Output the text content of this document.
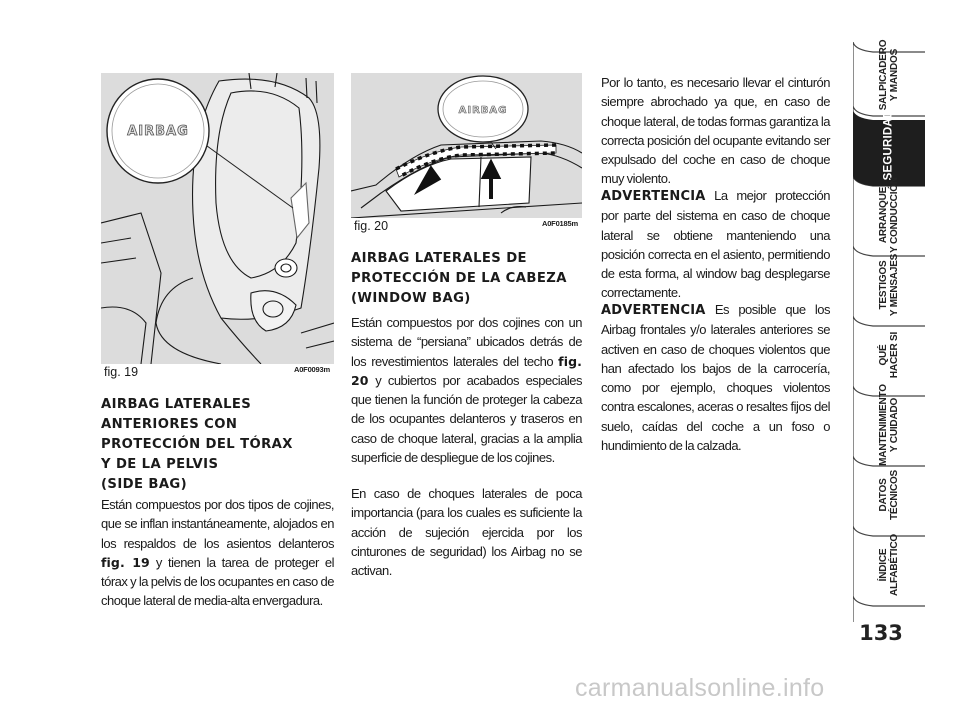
AIRBAG
fig. 19	A0F0093m
AIRBAG
fig. 20	A0F0185m
AIRBAG LATERALES
ANTERIORES CON
PROTECCIÓN DEL TÓRAX
Y DE LA PELVIS
(SIDE BAG)

Están compuestos por dos tipos de cojines, que se inflan instantáneamente, alojados en los respaldos de los asientos delanteros fig. 19 y tienen la tarea de proteger el tórax y la pelvis de los ocupantes en caso de choque lateral de media-alta envergadura.

AIRBAG LATERALES DE
PROTECCIÓN DE LA CABEZA
(WINDOW BAG)

Están compuestos por dos cojines con un sistema de “persiana” ubicados detrás de los revestimientos laterales del techo fig. 20 y cubiertos por acabados especiales que tienen la función de proteger la cabeza de los ocupantes delanteros y traseros en caso de choque lateral, gracias a la amplia superficie de despliegue de los cojines.

En caso de choques laterales de poca importancia (para los cuales es suficiente la acción de sujeción ejercida por los cinturones de seguridad) los Airbag no se activan.

Por lo tanto, es necesario llevar el cinturón siempre abrochado ya que, en caso de choque lateral, de todas formas garantiza la correcta posición del ocupante evitando ser expulsado del coche en caso de choque muy violento.

ADVERTENCIA La mejor protección por parte del sistema en caso de choque lateral se obtiene manteniendo una posición correcta en el asiento, permitiendo de esta forma, al window bag desplegarse correctamente.

ADVERTENCIA Es posible que los Airbag frontales y/o laterales anteriores se activen en caso de choques violentos que han afectado los bajos de la carrocería, como por ejemplo, choques violentos contra escalones, aceras o resaltes fijos del suelo, caídas del coche a un foso o hundimiento de la calzada.

SALPICADERO Y MANDOS
SEGURIDAD
ARRANQUE Y CONDUCCIÓN
TESTIGOS Y MENSAJES
QUÉ HACER SI
MANTENIMIENTO Y CUIDADO
DATOS TÉCNICOS
ÍNDICE ALFABÉTICO
133
carmanualsonline.info
